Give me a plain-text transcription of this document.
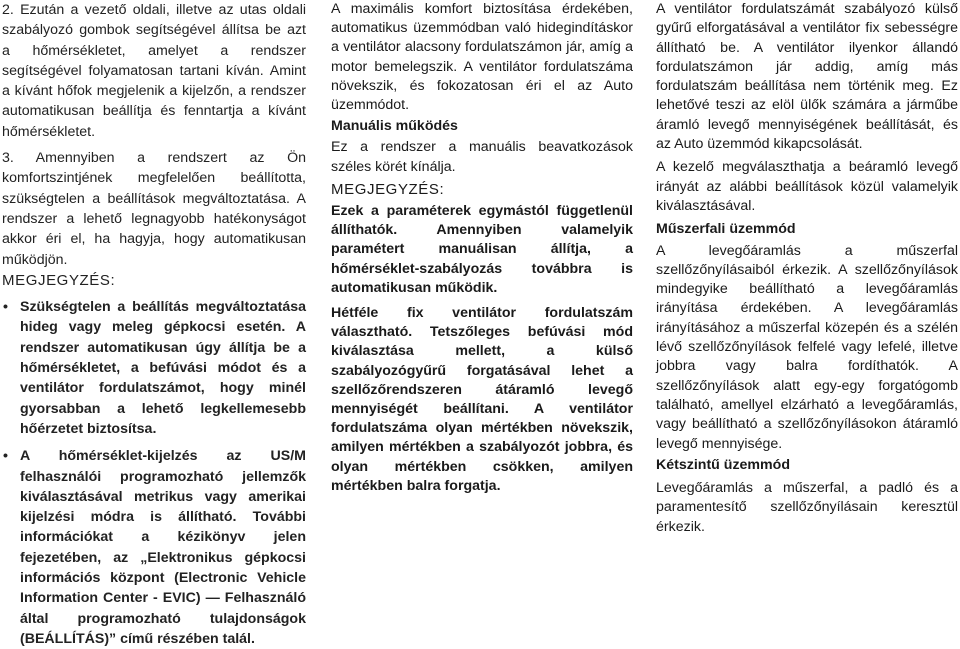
2. Ezután a vezető oldali, illetve az utas oldali szabályozó gombok segítségével állítsa be azt a hőmérsékletet, amelyet a rendszer segítségével folyamatosan tartani kíván. Amint a kívánt hőfok megjelenik a kijelzőn, a rendszer automatikusan beállítja és fenntartja a kívánt hőmérsékletet.

3. Amennyiben a rendszert az Ön komfortszintjének megfelelően beállította, szükségtelen a beállítások megváltoztatása. A rendszer a lehető legnagyobb hatékonyságot akkor éri el, ha hagyja, hogy automatikusan működjön.

MEGJEGYZÉS:

• Szükségtelen a beállítás megváltoztatása hideg vagy meleg gépkocsi esetén. A rendszer automatikusan úgy állítja be a hőmérsékletet, a befúvási módot és a ventilátor fordulatszámot, hogy minél gyorsabban a lehető legkellemesebb hőérzetet biztosítsa.
• A hőmérséklet-kijelzés az US/M felhasználói programozható jellemzők kiválasztásával metrikus vagy amerikai kijelzési módra is állítható. További információkat a kézikönyv jelen fejezetében, az „Elektronikus gépkocsi információs központ (Electronic Vehicle Information Center - EVIC) — Felhasználó által programozható tulajdonságok (BEÁLLÍTÁS)” című részében talál.

A maximális komfort biztosítása érdekében, automatikus üzemmódban való hidegindításkor a ventilátor alacsony fordulatszámon jár, amíg a motor bemelegszik. A ventilátor fordulatszáma növekszik, és fokozatosan éri el az Auto üzemmódot.

Manuális működés

Ez a rendszer a manuális beavatkozások széles körét kínálja.

MEGJEGYZÉS:

Ezek a paraméterek egymástól függetlenül állíthatók. Amennyiben valamelyik paramétert manuálisan állítja, a hőmérséklet-szabályozás továbbra is automatikusan működik.

Hétféle fix ventilátor fordulatszám választható. Tetszőleges befúvási mód kiválasztása mellett, a külső szabályozógyűrű forgatásával lehet a szellőzőrendszeren átáramló levegő mennyiségét beállítani. A ventilátor fordulatszáma olyan mértékben növekszik, amilyen mértékben a szabályozót jobbra, és olyan mértékben csökken, amilyen mértékben balra forgatja.

A ventilátor fordulatszámát szabályozó külső gyűrű elforgatásával a ventilátor fix sebességre állítható be. A ventilátor ilyenkor állandó fordulatszámon jár addig, amíg más fordulatszám beállítása nem történik meg. Ez lehetővé teszi az elöl ülők számára a járműbe áramló levegő mennyiségének beállítását, és az Auto üzemmód kikapcsolását.

A kezelő megválaszthatja a beáramló levegő irányát az alábbi beállítások közül valamelyik kiválasztásával.

Műszerfali üzemmód

A levegőáramlás a műszerfal szellőzőnyílásaiból érkezik. A szellőzőnyílások mindegyike beállítható a levegőáramlás irányítása érdekében. A levegőáramlás irányításához a műszerfal közepén és a szélén lévő szellőzőnyílások felfelé vagy lefelé, illetve jobbra vagy balra fordíthatók. A szellőzőnyílások alatt egy-egy forgatógomb található, amellyel elzárható a levegőáramlás, vagy beállítható a szellőzőnyílásokon átáramló levegő mennyisége.

Kétszintű üzemmód

Levegőáramlás a műszerfal, a padló és a paramentesítő szellőzőnyílásain keresztül érkezik.
